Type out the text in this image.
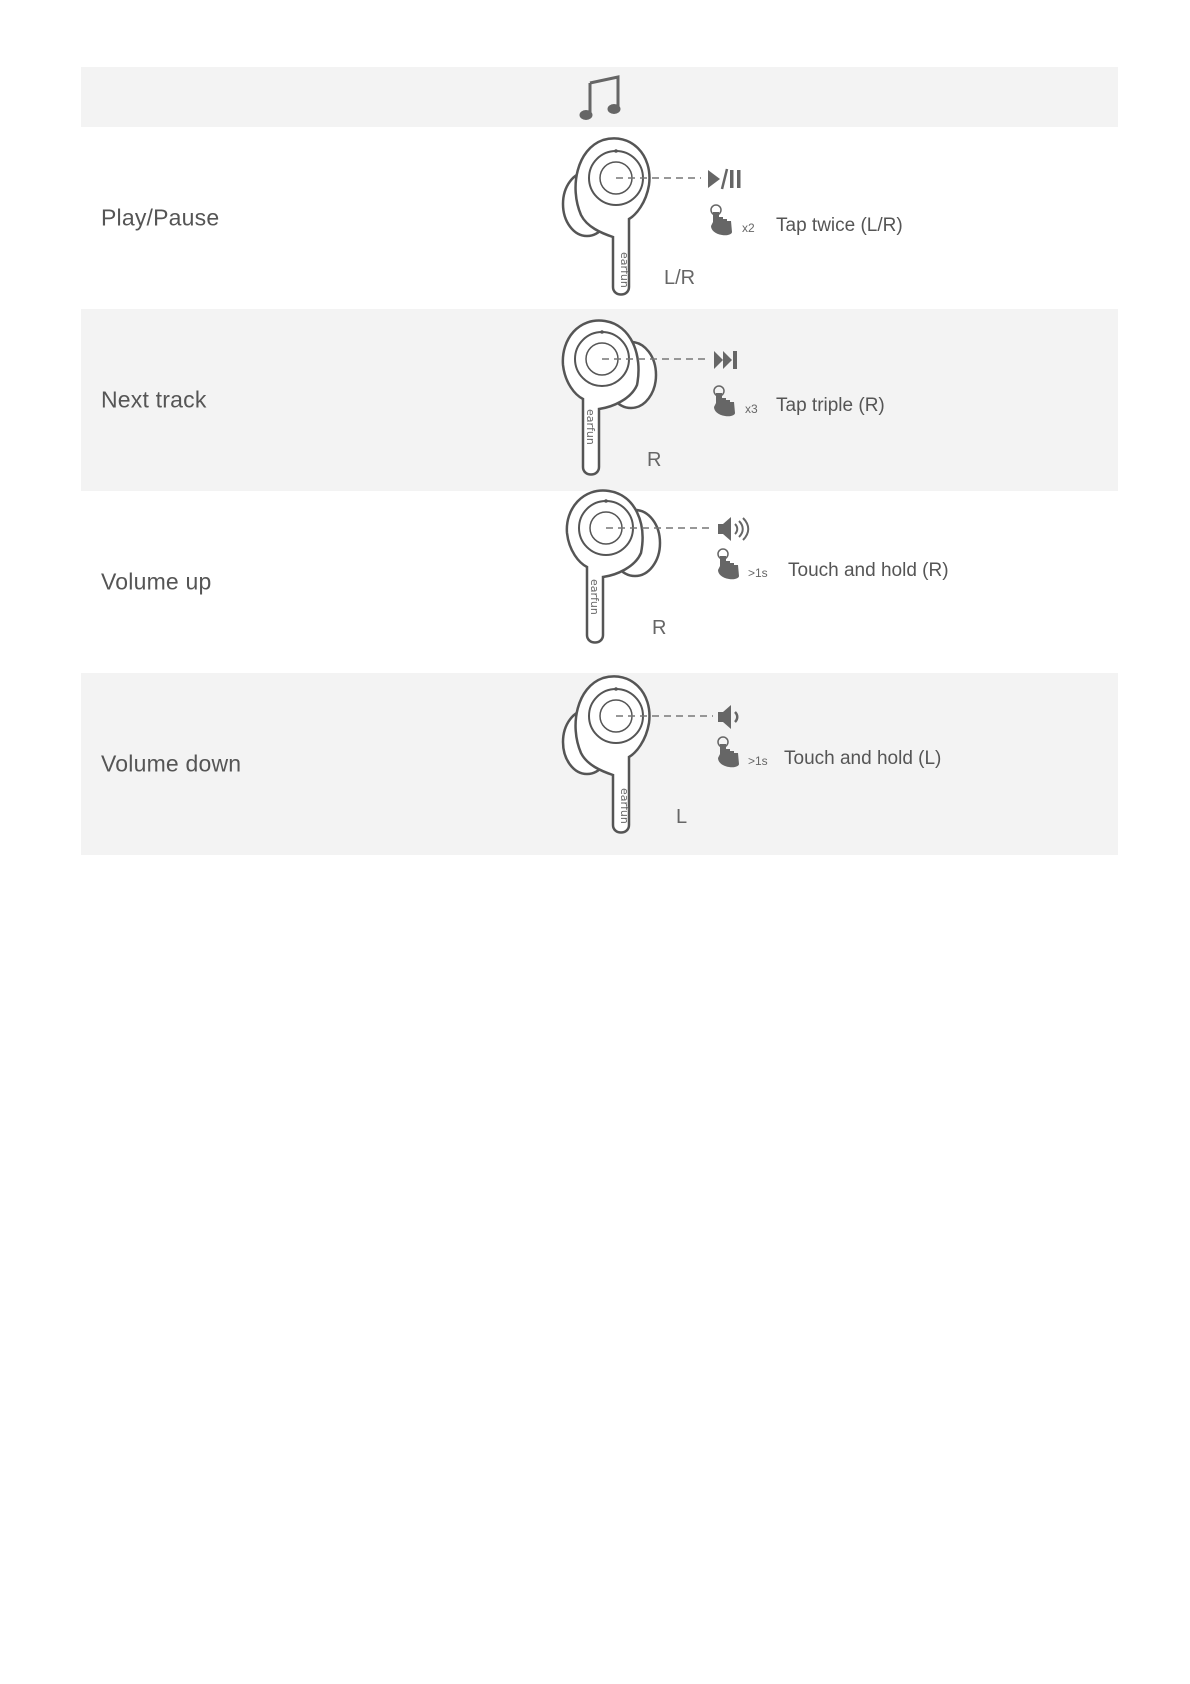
Play/Pause
earfun
x2 Tap twice (L/R)
L/R
Next track
earfun	x3 Tap triple (R)
R
Volume up	earfun
>1s Touch and hold (R)
R
Volume down
earfun
>1s Touch and hold (L)
L
